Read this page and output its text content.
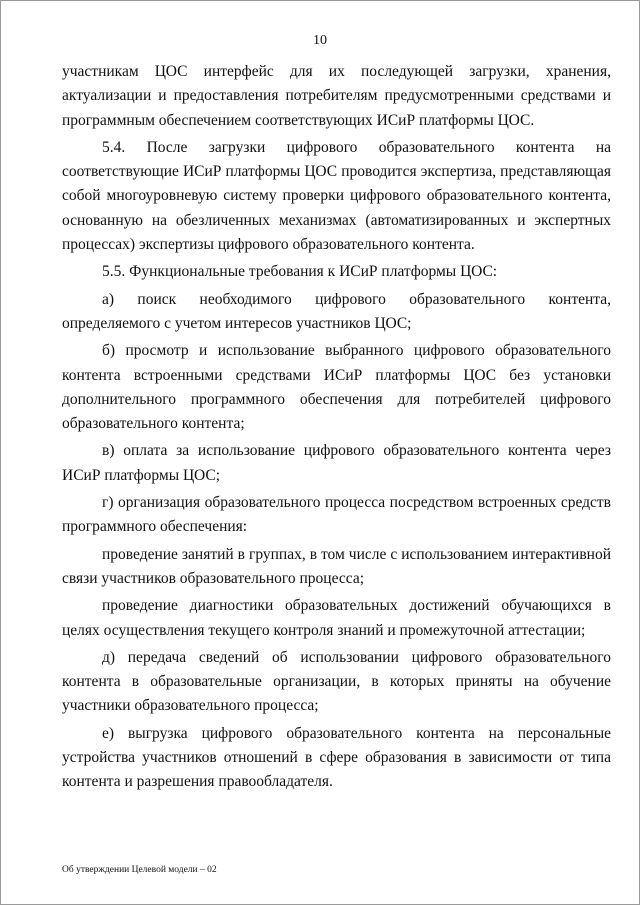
10

участникам ЦОС интерфейс для их последующей загрузки, хранения, актуализации и предоставления потребителям предусмотренными средствами и программным обеспечением соответствующих ИСиР платформы ЦОС.

5.4. После загрузки цифрового образовательного контента на соответствующие ИСиР платформы ЦОС проводится экспертиза, представляющая собой многоуровневую систему проверки цифрового образовательного контента, основанную на обезличенных механизмах (автоматизированных и экспертных процессах) экспертизы цифрового образовательного контента.

5.5. Функциональные требования к ИСиР платформы ЦОС:

а) поиск необходимого цифрового образовательного контента, определяемого с учетом интересов участников ЦОС;

б) просмотр и использование выбранного цифрового образовательного контента встроенными средствами ИСиР платформы ЦОС без установки дополнительного программного обеспечения для потребителей цифрового образовательного контента;

в) оплата за использование цифрового образовательного контента через ИСиР платформы ЦОС;

г) организация образовательного процесса посредством встроенных средств программного обеспечения:

проведение занятий в группах, в том числе с использованием интерактивной связи участников образовательного процесса;

проведение диагностики образовательных достижений обучающихся в целях осуществления текущего контроля знаний и промежуточной аттестации;

д) передача сведений об использовании цифрового образовательного контента в образовательные организации, в которых приняты на обучение участники образовательного процесса;

е) выгрузка цифрового образовательного контента на персональные устройства участников отношений в сфере образования в зависимости от типа контента и разрешения правообладателя.

Об утверждении Целевой модели – 02
